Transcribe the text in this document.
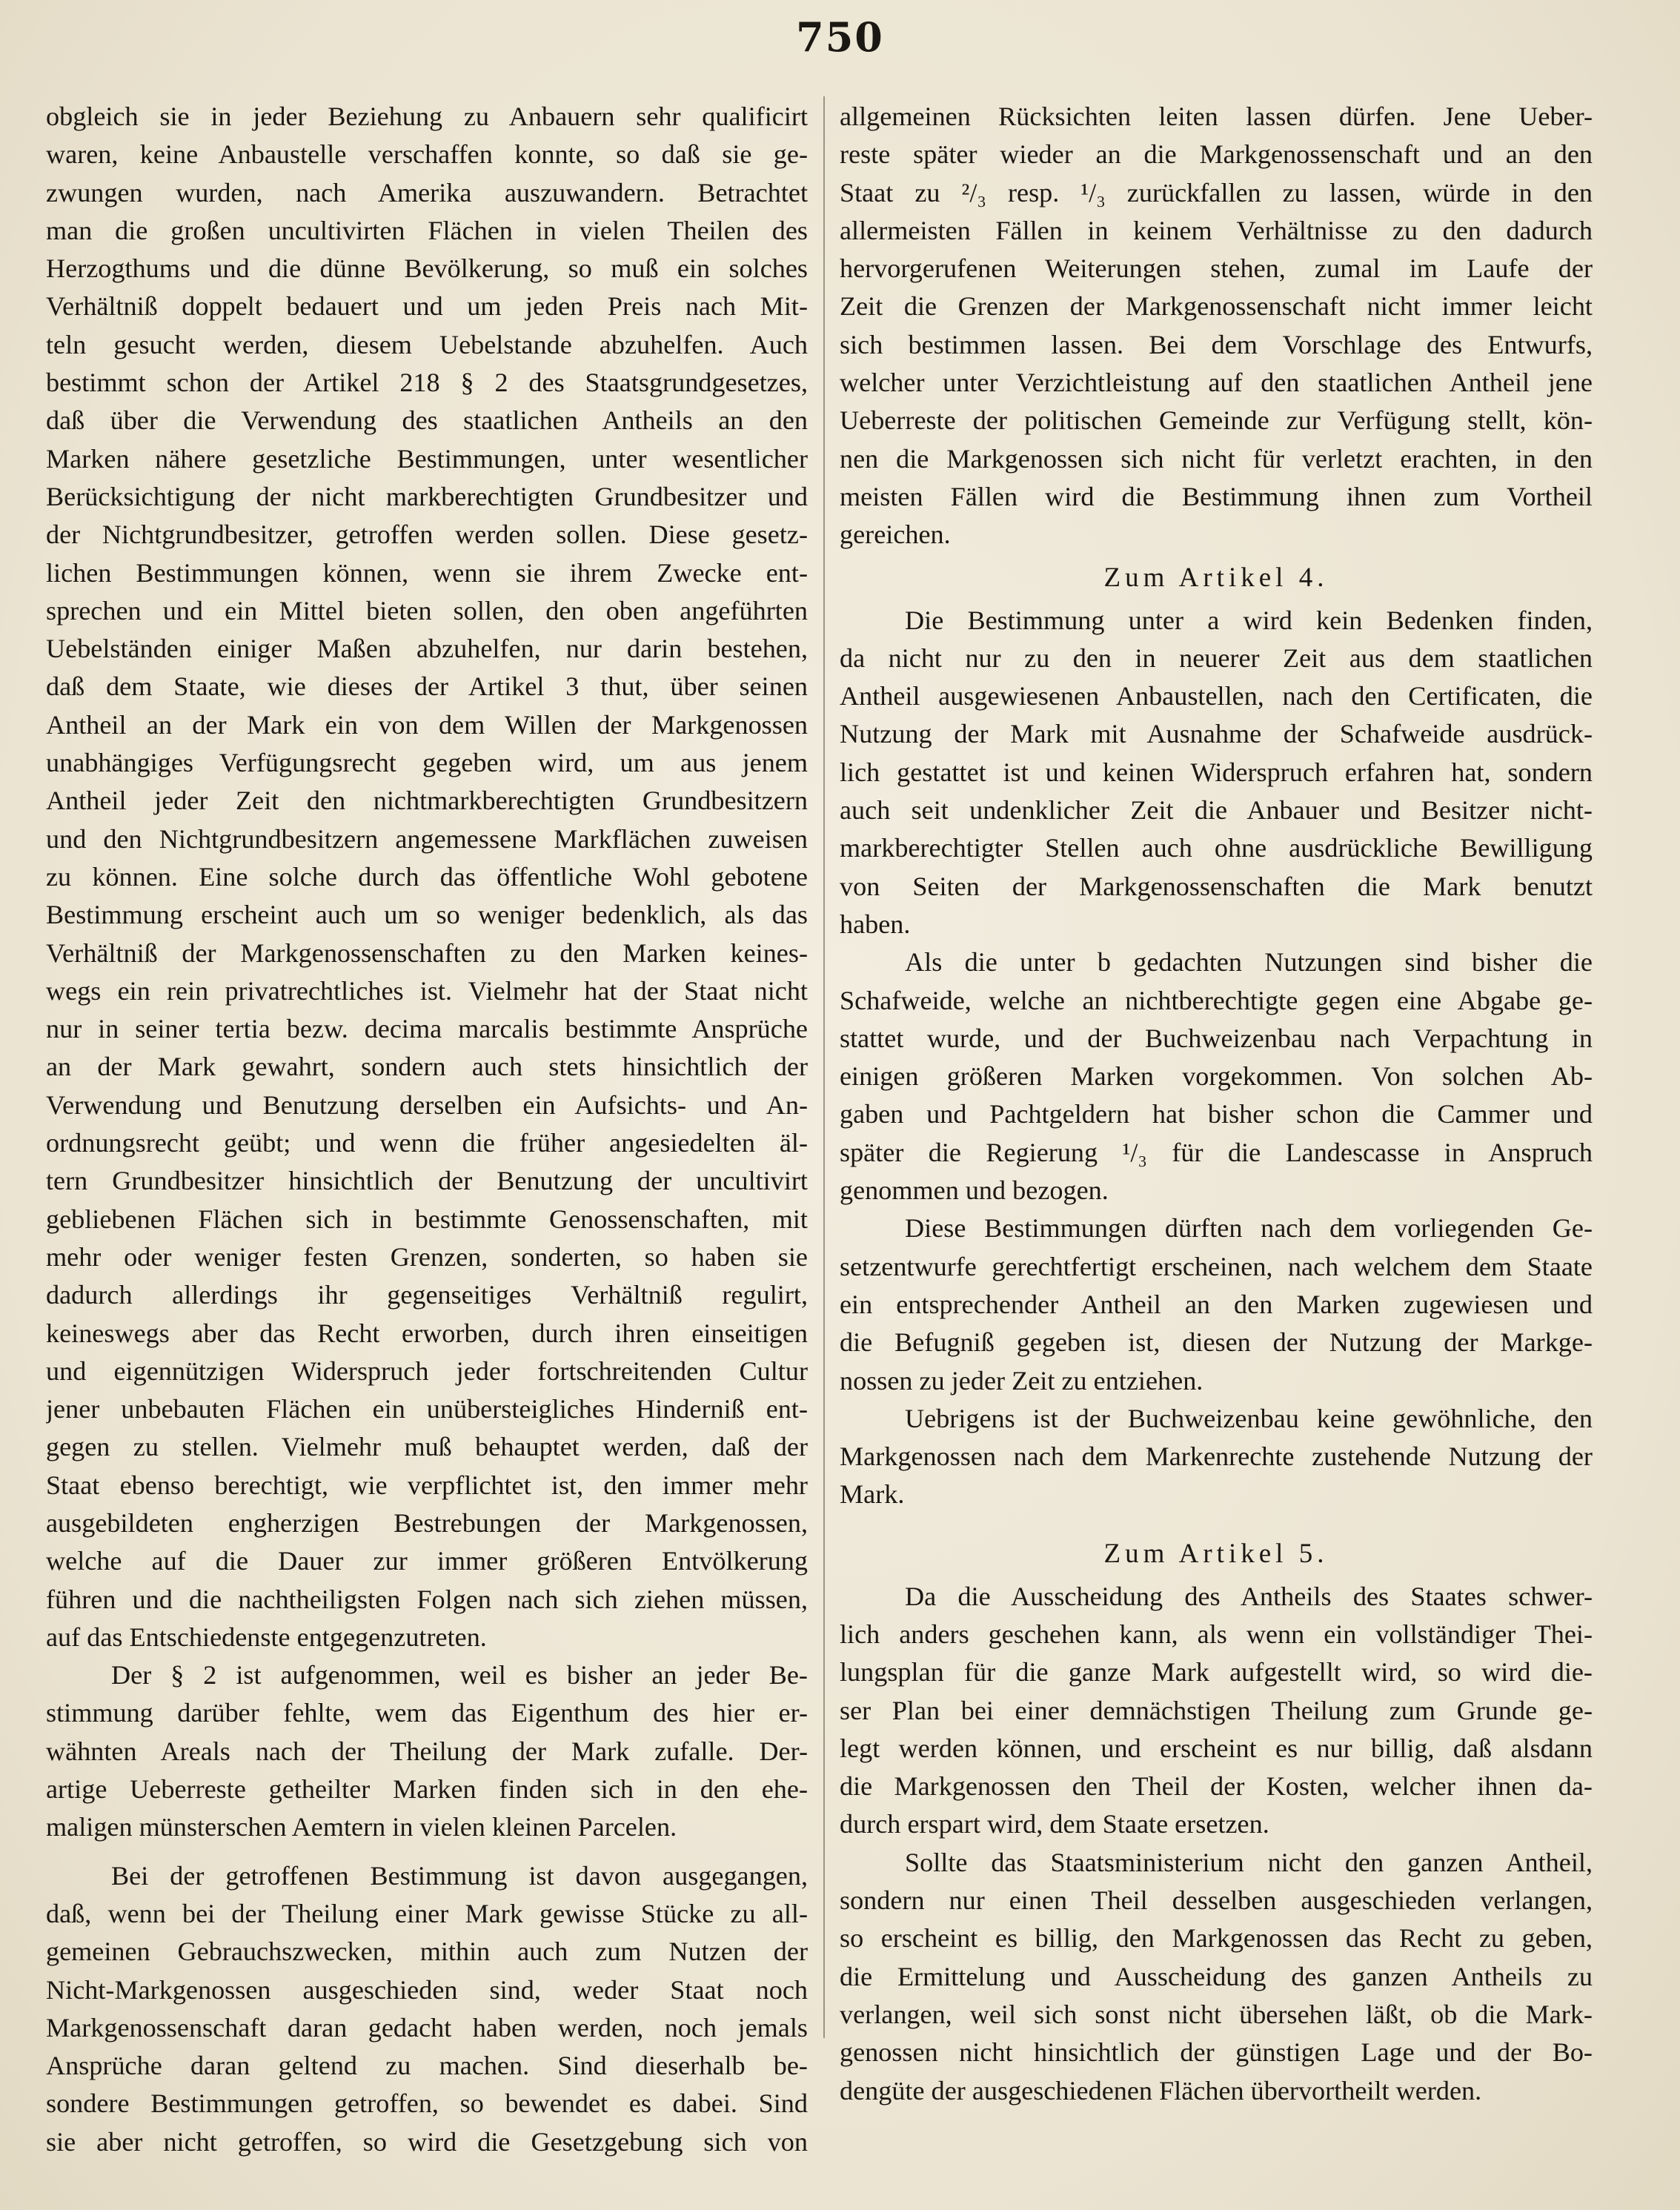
750
obgleich sie in jeder Beziehung zu Anbauern sehr qualificirt
waren, keine Anbaustelle verschaffen konnte, so daß sie ge-
zwungen wurden, nach Amerika auszuwandern. Betrachtet
man die großen uncultivirten Flächen in vielen Theilen des
Herzogthums und die dünne Bevölkerung, so muß ein solches
Verhältniß doppelt bedauert und um jeden Preis nach Mit-
teln gesucht werden, diesem Uebelstande abzuhelfen. Auch
bestimmt schon der Artikel 218 § 2 des Staatsgrundgesetzes,
daß über die Verwendung des staatlichen Antheils an den
Marken nähere gesetzliche Bestimmungen, unter wesentlicher
Berücksichtigung der nicht markberechtigten Grundbesitzer und
der Nichtgrundbesitzer, getroffen werden sollen. Diese gesetz-
lichen Bestimmungen können, wenn sie ihrem Zwecke ent-
sprechen und ein Mittel bieten sollen, den oben angeführten
Uebelständen einiger Maßen abzuhelfen, nur darin bestehen,
daß dem Staate, wie dieses der Artikel 3 thut, über seinen
Antheil an der Mark ein von dem Willen der Markgenossen
unabhängiges Verfügungsrecht gegeben wird, um aus jenem
Antheil jeder Zeit den nichtmarkberechtigten Grundbesitzern
und den Nichtgrundbesitzern angemessene Markflächen zuweisen
zu können. Eine solche durch das öffentliche Wohl gebotene
Bestimmung erscheint auch um so weniger bedenklich, als das
Verhältniß der Markgenossenschaften zu den Marken keines-
wegs ein rein privatrechtliches ist. Vielmehr hat der Staat nicht
nur in seiner tertia bezw. decima marcalis bestimmte Ansprüche
an der Mark gewahrt, sondern auch stets hinsichtlich der
Verwendung und Benutzung derselben ein Aufsichts- und An-
ordnungsrecht geübt; und wenn die früher angesiedelten äl-
tern Grundbesitzer hinsichtlich der Benutzung der uncultivirt
gebliebenen Flächen sich in bestimmte Genossenschaften, mit
mehr oder weniger festen Grenzen, sonderten, so haben sie
dadurch allerdings ihr gegenseitiges Verhältniß regulirt,
keineswegs aber das Recht erworben, durch ihren einseitigen
und eigennützigen Widerspruch jeder fortschreitenden Cultur
jener unbebauten Flächen ein unübersteigliches Hinderniß ent-
gegen zu stellen. Vielmehr muß behauptet werden, daß der
Staat ebenso berechtigt, wie verpflichtet ist, den immer mehr
ausgebildeten engherzigen Bestrebungen der Markgenossen,
welche auf die Dauer zur immer größeren Entvölkerung
führen und die nachtheiligsten Folgen nach sich ziehen müssen,
auf das Entschiedenste entgegenzutreten.
Der § 2 ist aufgenommen, weil es bisher an jeder Be-
stimmung darüber fehlte, wem das Eigenthum des hier er-
wähnten Areals nach der Theilung der Mark zufalle. Der-
artige Ueberreste getheilter Marken finden sich in den ehe-
maligen münsterschen Aemtern in vielen kleinen Parcelen.
Bei der getroffenen Bestimmung ist davon ausgegangen,
daß, wenn bei der Theilung einer Mark gewisse Stücke zu all-
gemeinen Gebrauchszwecken, mithin auch zum Nutzen der
Nicht-Markgenossen ausgeschieden sind, weder Staat noch
Markgenossenschaft daran gedacht haben werden, noch jemals
Ansprüche daran geltend zu machen. Sind dieserhalb be-
sondere Bestimmungen getroffen, so bewendet es dabei. Sind
sie aber nicht getroffen, so wird die Gesetzgebung sich von
allgemeinen Rücksichten leiten lassen dürfen. Jene Ueber-
reste später wieder an die Markgenossenschaft und an den
Staat zu ²/₃ resp. ¹/₃ zurückfallen zu lassen, würde in den
allermeisten Fällen in keinem Verhältnisse zu den dadurch
hervorgerufenen Weiterungen stehen, zumal im Laufe der
Zeit die Grenzen der Markgenossenschaft nicht immer leicht
sich bestimmen lassen. Bei dem Vorschlage des Entwurfs,
welcher unter Verzichtleistung auf den staatlichen Antheil jene
Ueberreste der politischen Gemeinde zur Verfügung stellt, kön-
nen die Markgenossen sich nicht für verletzt erachten, in den
meisten Fällen wird die Bestimmung ihnen zum Vortheil
gereichen.
Zum Artikel 4.
Die Bestimmung unter a wird kein Bedenken finden,
da nicht nur zu den in neuerer Zeit aus dem staatlichen
Antheil ausgewiesenen Anbaustellen, nach den Certificaten, die
Nutzung der Mark mit Ausnahme der Schafweide ausdrück-
lich gestattet ist und keinen Widerspruch erfahren hat, sondern
auch seit undenklicher Zeit die Anbauer und Besitzer nicht-
markberechtigter Stellen auch ohne ausdrückliche Bewilligung
von Seiten der Markgenossenschaften die Mark benutzt
haben.
Als die unter b gedachten Nutzungen sind bisher die
Schafweide, welche an nichtberechtigte gegen eine Abgabe ge-
stattet wurde, und der Buchweizenbau nach Verpachtung in
einigen größeren Marken vorgekommen. Von solchen Ab-
gaben und Pachtgeldern hat bisher schon die Cammer und
später die Regierung ¹/₃ für die Landescasse in Anspruch
genommen und bezogen.
Diese Bestimmungen dürften nach dem vorliegenden Ge-
setzentwurfe gerechtfertigt erscheinen, nach welchem dem Staate
ein entsprechender Antheil an den Marken zugewiesen und
die Befugniß gegeben ist, diesen der Nutzung der Markge-
nossen zu jeder Zeit zu entziehen.
Uebrigens ist der Buchweizenbau keine gewöhnliche, den
Markgenossen nach dem Markenrechte zustehende Nutzung der
Mark.
Zum Artikel 5.
Da die Ausscheidung des Antheils des Staates schwer-
lich anders geschehen kann, als wenn ein vollständiger Thei-
lungsplan für die ganze Mark aufgestellt wird, so wird die-
ser Plan bei einer demnächstigen Theilung zum Grunde ge-
legt werden können, und erscheint es nur billig, daß alsdann
die Markgenossen den Theil der Kosten, welcher ihnen da-
durch erspart wird, dem Staate ersetzen.
Sollte das Staatsministerium nicht den ganzen Antheil,
sondern nur einen Theil desselben ausgeschieden verlangen,
so erscheint es billig, den Markgenossen das Recht zu geben,
die Ermittelung und Ausscheidung des ganzen Antheils zu
verlangen, weil sich sonst nicht übersehen läßt, ob die Mark-
genossen nicht hinsichtlich der günstigen Lage und der Bo-
dengüte der ausgeschiedenen Flächen übervortheilt werden.
